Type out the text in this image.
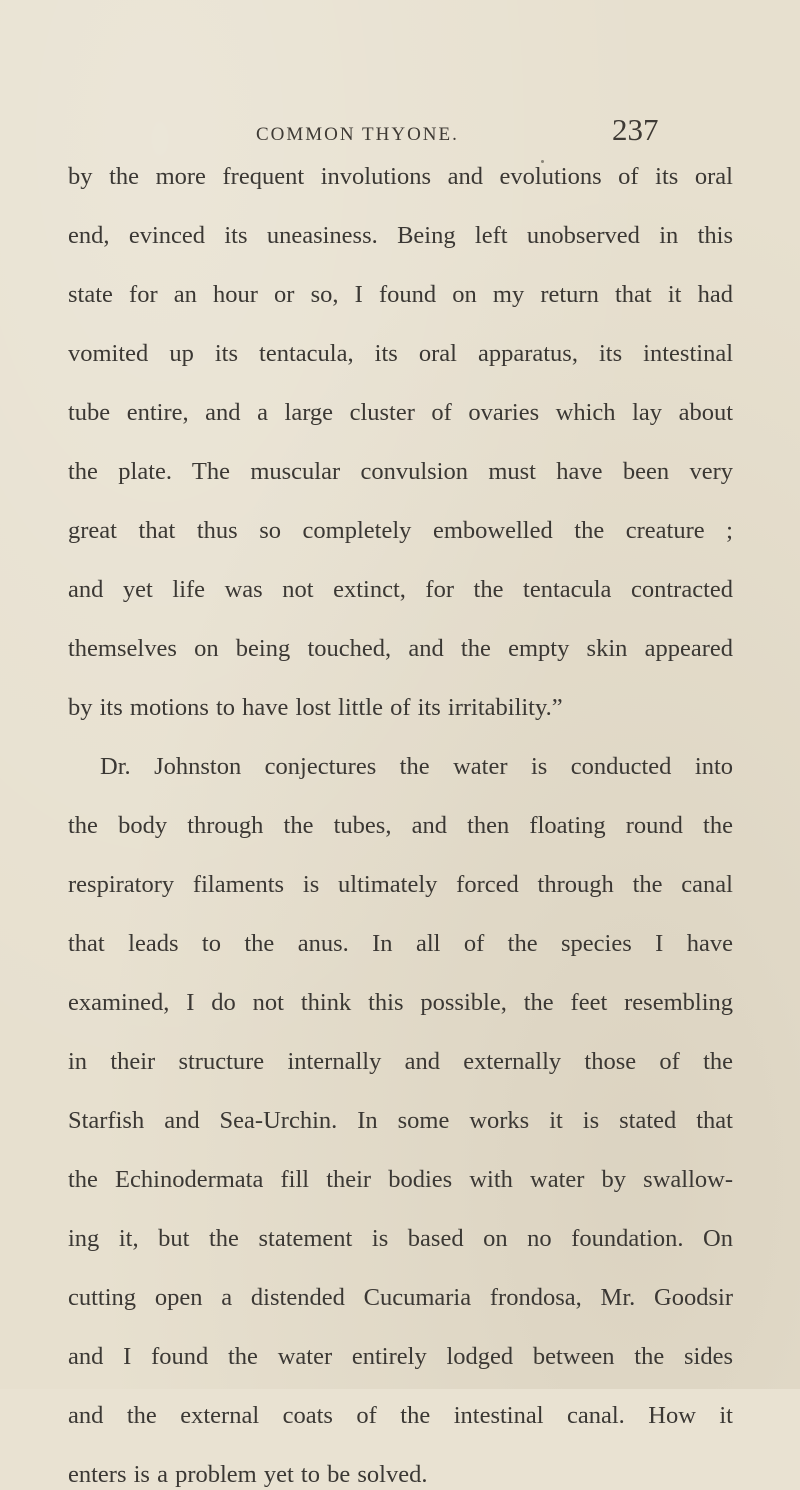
COMMON THYONE.	237
by the more frequent involutions and evolutions of its oral
end, evinced its uneasiness. Being left unobserved in this
state for an hour or so, I found on my return that it had
vomited up its tentacula, its oral apparatus, its intestinal
tube entire, and a large cluster of ovaries which lay about
the plate. The muscular convulsion must have been very
great that thus so completely embowelled the creature ;
and yet life was not extinct, for the tentacula contracted
themselves on being touched, and the empty skin appeared
by its motions to have lost little of its irritability.”
Dr. Johnston conjectures the water is conducted into
the body through the tubes, and then floating round the
respiratory filaments is ultimately forced through the canal
that leads to the anus. In all of the species I have
examined, I do not think this possible, the feet resembling
in their structure internally and externally those of the
Starfish and Sea-Urchin. In some works it is stated that
the Echinodermata fill their bodies with water by swallow-
ing it, but the statement is based on no foundation. On
cutting open a distended Cucumaria frondosa, Mr. Goodsir
and I found the water entirely lodged between the sides
and the external coats of the intestinal canal. How it
enters is a problem yet to be solved.
